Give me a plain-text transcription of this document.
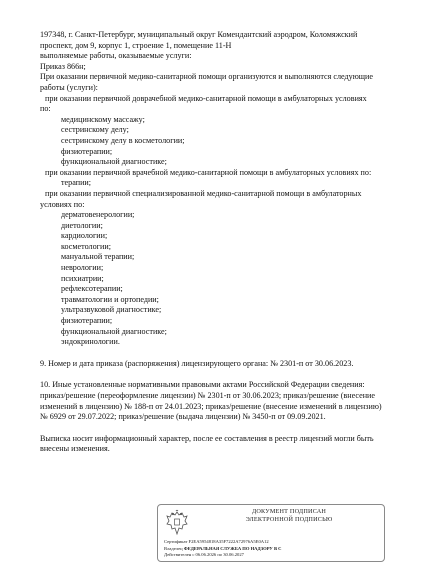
197348, г. Санкт-Петербург, муниципальный округ Комендантский аэродром, Коломяжский
проспект, дом 9, корпус 1, строение 1, помещение 11-Н
выполняемые работы, оказываемые услуги:
Приказ 866н;
При оказании первичной медико-санитарной помощи организуются и выполняются следующие
работы (услуги):
при оказании первичной доврачебной медико-санитарной помощи в амбулаторных условиях
по:
медицинскому массажу;
сестринскому делу;
сестринскому делу в косметологии;
физиотерапии;
функциональной диагностике;
при оказании первичной врачебной медико-санитарной помощи в амбулаторных условиях по:
терапии;
при оказании первичной специализированной медико-санитарной помощи в амбулаторных
условиях по:
дерматовенерологии;
диетологии;
кардиологии;
косметологии;
мануальной терапии;
неврологии;
психиатрии;
рефлексотерапии;
травматологии и ортопедии;
ультразвуковой диагностике;
физиотерапии;
функциональной диагностике;
эндокринологии.
9. Номер и дата приказа (распоряжения) лицензирующего органа: № 2301-п от 30.06.2023.
10. Иные установленные нормативными правовыми актами Российской Федерации сведения:
приказ/решение (переоформление лицензии) № 2301-п от 30.06.2023; приказ/решение (внесение
изменений в лицензию) № 188-п от 24.01.2023; приказ/решение (внесение изменений в лицензию)
№ 6929 от 29.07.2022; приказ/решение (выдача лицензии) № 3450-п от 09.09.2021.
Выписка носит информационный характер, после ее составления в реестр лицензий могли быть
внесены изменения.
ДОКУМЕНТ ПОДПИСАН
ЭЛЕКТРОННОЙ ПОДПИСЬЮ
Сертификат F2EA5954818A35F7222A72976A5E0A12
Владелец ФЕДЕРАЛЬНАЯ СЛУЖБА ПО НАДЗОРУ В С
Действителен с 06.06.2026 по 30.06.2027
